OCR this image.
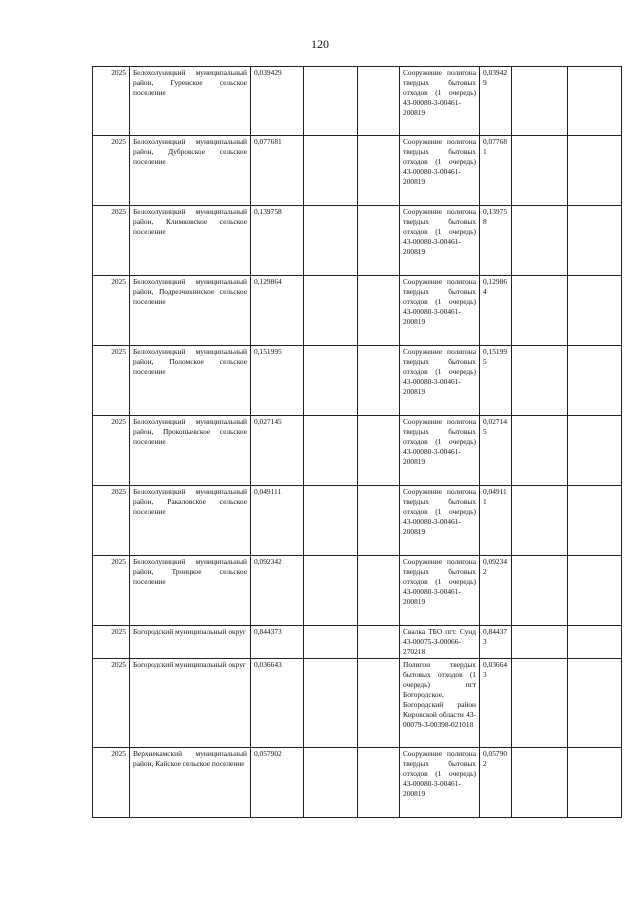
120
2025	Белохолуницкий муниципальный район, Гуренское сельское поселение	0,039429			Сооружение полигонa твердых бытовых отходов (1 очередь) 43-00080-3-00461-200819	0,039429		
2025	Белохолуницкий муниципальный район, Дубровское сельское поселение	0,077681			Сооружение полигона твердых бытовых отходов (1 очередь) 43-00080-3-00461-200819	0,077681		
2025	Белохолуницкий муниципальный район, Климковское сельское поселение	0,139758			Сооружение полигона твердых бытовых отходов (1 очередь) 43-00080-3-00461-200819	0,139758		
2025	Белохолуницкий муниципальный район, Подрезчихинское сельское поселение	0,129864			Сооружение полигона твердых бытовых отходов (1 очередь) 43-00080-3-00461-200819	0,129864		
2025	Белохолуницкий муниципальный район, Поломское сельское поселение	0,151995			Сооружение полигона твердых бытовых отходов (1 очередь) 43-00080-3-00461-200819	0,151995		
2025	Белохолуницкий муниципальный район, Прокопьевское сельское поселение	0,027145			Сооружение полигона твердых бытовых отходов (1 очередь) 43-00080-3-00461-200819	0,027145		
2025	Белохолуницкий муниципальный район, Ракаловское сельское поселение	0,049111			Сооружение полигона твердых бытовых отходов (1 очередь) 43-00080-3-00461-200819	0,049111		
2025	Белохолуницкий муниципальный район, Троицкое сельское поселение	0,092342			Сооружение полигона твердых бытовых отходов (1 очередь) 43-00080-3-00461-200819	0,092342		
2025	Богородский муниципальный округ	0,844373			Свалка ТБО пгт. Сунд 43-00075-З-00066-270218	0,844373		
2025	Богородский муниципальный округ	0,036643			Полигон твердых бытовых отходов (1 очередь) пгт Богородское, Богородский район Кировской области 43-00079-З-00398-021018	0,036643		
2025	Верхнекамский муниципальный район, Кайское сельское поселение	0,057902			Сооружение полигона твердых бытовых отходов (1 очередь) 43-00080-3-00461-200819	0,057902		
